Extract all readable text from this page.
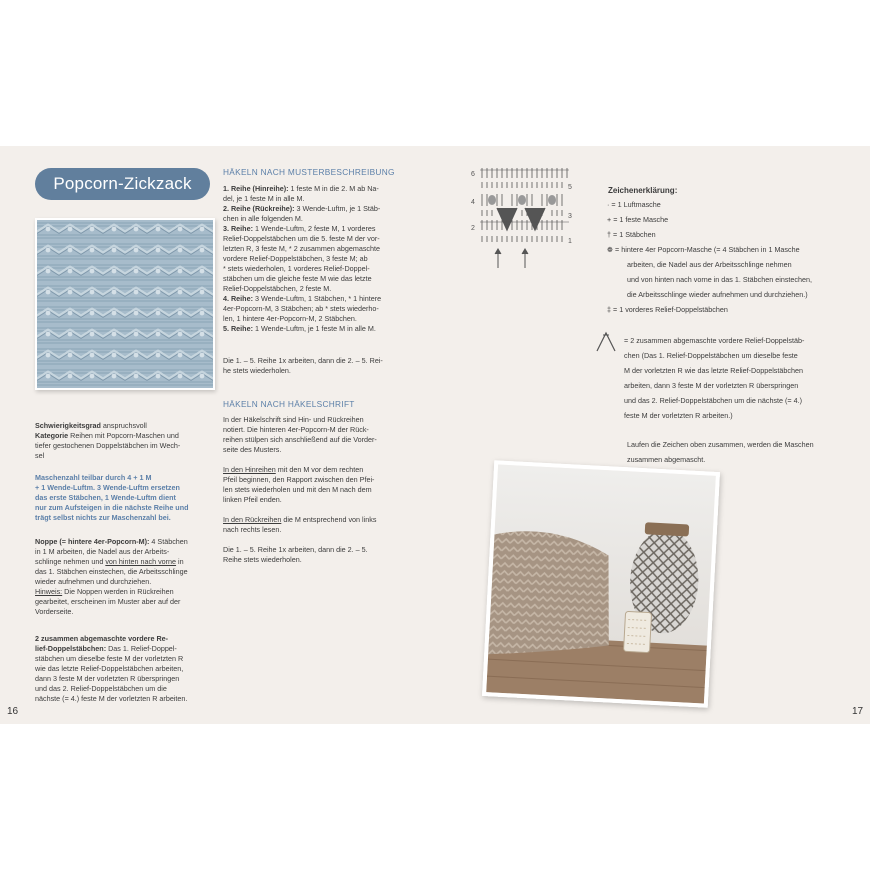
Popcorn-Zickzack

Schwierigkeitsgrad anspruchsvoll

Kategorie Reihen mit Popcorn-Maschen und

tiefer gestochenen Doppelstäbchen im Wech-

sel

Maschenzahl teilbar durch 4 + 1 M

+ 1 Wende-Luftm. 3 Wende-Luftm ersetzen

das erste Stäbchen, 1 Wende-Luftm dient

nur zum Aufsteigen in die nächste Reihe und

trägt selbst nichts zur Maschenzahl bei.

Noppe (= hintere 4er-Popcorn-M): 4 Stäbchen

in 1 M arbeiten, die Nadel aus der Arbeits-

schlinge nehmen und von hinten nach vorne in

das 1. Stäbchen einstechen, die Arbeitsschlinge

wieder aufnehmen und durchziehen.

Hinweis: Die Noppen werden in Rückreihen

gearbeitet, erscheinen im Muster aber auf der

Vorderseite.

2 zusammen abgemaschte vordere Re-

lief-Doppelstäbchen: Das 1. Relief-Doppel-

stäbchen um dieselbe feste M der vorletzten R

wie das letzte Relief-Doppelstäbchen arbeiten,

dann 3 feste M der vorletzten R überspringen

und das 2. Relief-Doppelstäbchen um die

nächste (= 4.) feste M der vorletzten R arbeiten.

HÄKELN NACH MUSTERBESCHREIBUNG

1. Reihe (Hinreihe): 1 feste M in die 2. M ab Na-

del, je 1 feste M in alle M.

2. Reihe (Rückreihe): 3 Wende-Luftm, je 1 Stäb-

chen in alle folgenden M.

3. Reihe: 1 Wende-Luftm, 2 feste M, 1 vorderes

Relief-Doppelstäbchen um die 5. feste M der vor-

letzten R, 3 feste M, * 2 zusammen abgemaschte

vordere Relief-Doppelstäbchen, 3 feste M; ab

* stets wiederholen, 1 vorderes Relief-Doppel-

stäbchen um die gleiche feste M wie das letzte

Relief-Doppelstäbchen, 2 feste M.

4. Reihe: 3 Wende-Luftm, 1 Stäbchen, * 1 hintere

4er-Popcorn-M, 3 Stäbchen; ab * stets wiederho-

len, 1 hintere 4er-Popcorn-M, 2 Stäbchen.

5. Reihe: 1 Wende-Luftm, je 1 feste M in alle M.

Die 1. – 5. Reihe 1x arbeiten, dann die 2. – 5. Rei-

he stets wiederholen.

HÄKELN NACH HÄKELSCHRIFT

In der Häkelschrift sind Hin- und Rückreihen

notiert. Die hinteren 4er-Popcorn-M der Rück-

reihen stülpen sich anschließend auf die Vorder-

seite des Musters.

In den Hinreihen mit den M vor dem rechten

Pfeil beginnen, den Rapport zwischen den Pfei-

len stets wiederholen und mit den M nach dem

linken Pfeil enden.

In den Rückreihen die M entsprechend von links

nach rechts lesen.

Die 1. – 5. Reihe 1x arbeiten, dann die 2. – 5.

Reihe stets wiederholen.

6
5
4
3
2
1
Zeichenerklärung:

· = 1 Luftmasche

+ = 1 feste Masche

† = 1 Stäbchen

❁ = hintere 4er Popcorn-Masche (= 4 Stäbchen in 1 Masche

arbeiten, die Nadel aus der Arbeitsschlinge nehmen

und von hinten nach vorne in das 1. Stäbchen einstechen,

die Arbeitsschlinge wieder aufnehmen und durchziehen.)

‡ = 1 vorderes Relief-Doppelstäbchen

= 2 zusammen abgemaschte vordere Relief-Doppelstäb-

chen (Das 1. Relief-Doppelstäbchen um dieselbe feste

M der vorletzten R wie das letzte Relief-Doppelstäbchen

arbeiten, dann 3 feste M der vorletzten R überspringen

und das 2. Relief-Doppelstäbchen um die nächste (= 4.)

feste M der vorletzten R arbeiten.)

Laufen die Zeichen oben zusammen, werden die Maschen

zusammen abgemascht.

16	17
